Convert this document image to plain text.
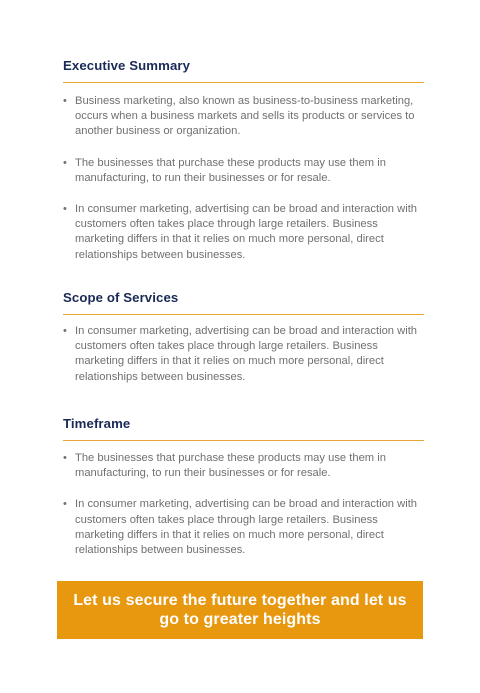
Executive Summary
• Business marketing, also known as business-to-business marketing, occurs when a business markets and sells its products or services to another business or organization.
• The businesses that purchase these products may use them in manufacturing, to run their businesses or for resale.
• In consumer marketing, advertising can be broad and interaction with customers often takes place through large retailers. Business marketing differs in that it relies on much more personal, direct relationships between businesses.
Scope of Services
• In consumer marketing, advertising can be broad and interaction with customers often takes place through large retailers. Business marketing differs in that it relies on much more personal, direct relationships between businesses.
Timeframe
• The businesses that purchase these products may use them in manufacturing, to run their businesses or for resale.
• In consumer marketing, advertising can be broad and interaction with customers often takes place through large retailers. Business marketing differs in that it relies on much more personal, direct relationships between businesses.
Let us secure the future together and let us go to greater heights
